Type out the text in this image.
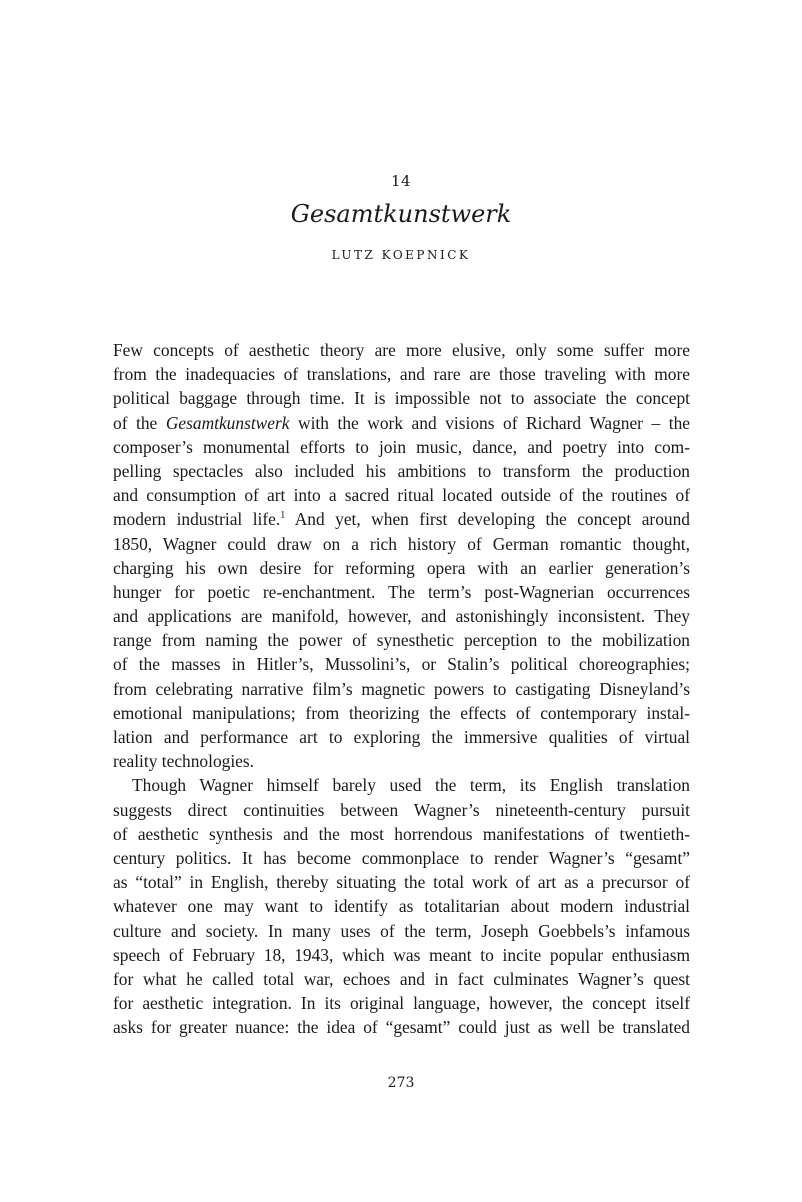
14
Gesamtkunstwerk
LUTZ KOEPNICK
Few concepts of aesthetic theory are more elusive, only some suffer more
from the inadequacies of translations, and rare are those traveling with more
political baggage through time. It is impossible not to associate the concept
of the Gesamtkunstwerk with the work and visions of Richard Wagner – the
composer’s monumental efforts to join music, dance, and poetry into com-
pelling spectacles also included his ambitions to transform the production
and consumption of art into a sacred ritual located outside of the routines of
modern industrial life.$^1$ And yet, when first developing the concept around
1850, Wagner could draw on a rich history of German romantic thought,
charging his own desire for reforming opera with an earlier generation’s
hunger for poetic re-enchantment. The term’s post-Wagnerian occurrences
and applications are manifold, however, and astonishingly inconsistent. They
range from naming the power of synesthetic perception to the mobilization
of the masses in Hitler’s, Mussolini’s, or Stalin’s political choreographies;
from celebrating narrative film’s magnetic powers to castigating Disneyland’s
emotional manipulations; from theorizing the effects of contemporary instal-
lation and performance art to exploring the immersive qualities of virtual
reality technologies.
Though Wagner himself barely used the term, its English translation
suggests direct continuities between Wagner’s nineteenth-century pursuit
of aesthetic synthesis and the most horrendous manifestations of twentieth-
century politics. It has become commonplace to render Wagner’s “gesamt”
as “total” in English, thereby situating the total work of art as a precursor of
whatever one may want to identify as totalitarian about modern industrial
culture and society. In many uses of the term, Joseph Goebbels’s infamous
speech of February 18, 1943, which was meant to incite popular enthusiasm
for what he called total war, echoes and in fact culminates Wagner’s quest
for aesthetic integration. In its original language, however, the concept itself
asks for greater nuance: the idea of “gesamt” could just as well be translated
273
